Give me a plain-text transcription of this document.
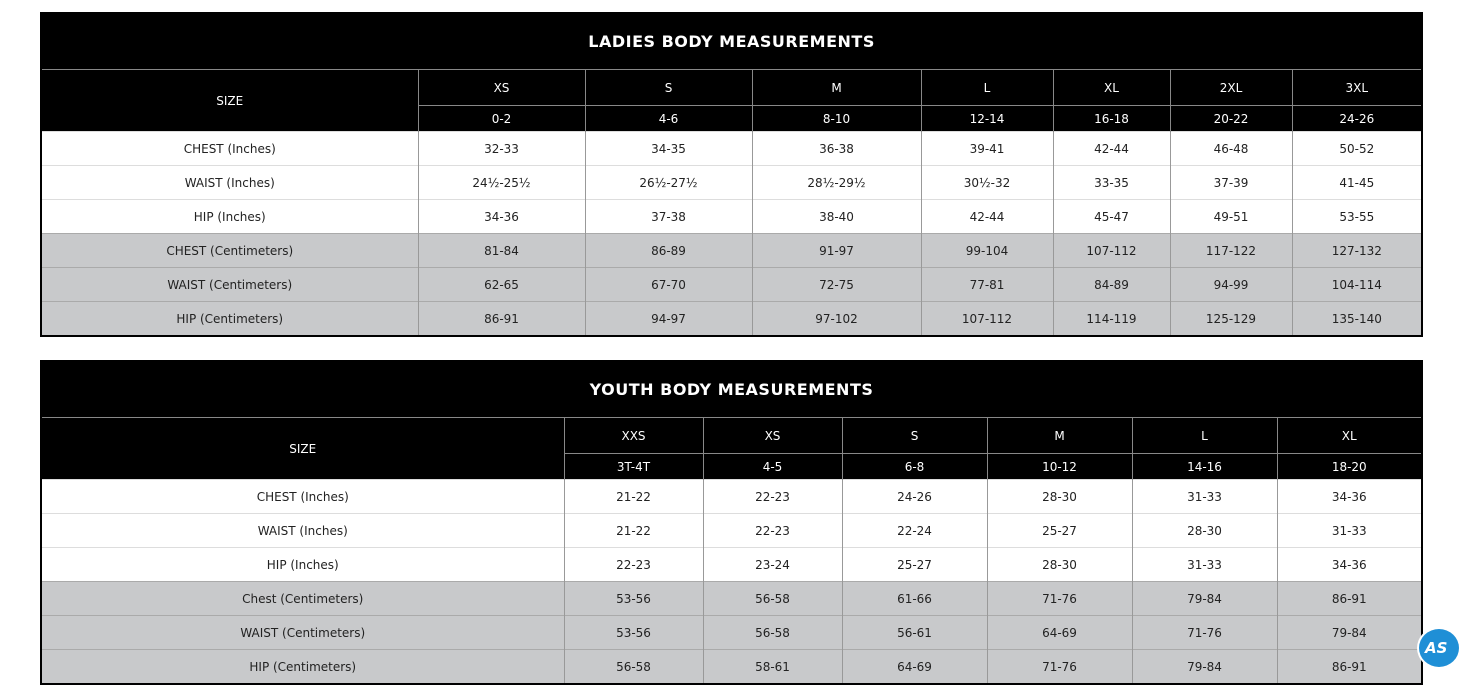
LADIES BODY MEASUREMENTS							
SIZE	XS	S	M	L	XL	2XL	3XL
	0-2	4-6	8-10	12-14	16-18	20-22	24-26
CHEST (Inches)	32-33	34-35	36-38	39-41	42-44	46-48	50-52
WAIST (Inches)	24½-25½	26½-27½	28½-29½	30½-32	33-35	37-39	41-45
HIP (Inches)	34-36	37-38	38-40	42-44	45-47	49-51	53-55
CHEST (Centimeters)	81-84	86-89	91-97	99-104	107-112	117-122	127-132
WAIST (Centimeters)	62-65	67-70	72-75	77-81	84-89	94-99	104-114
HIP (Centimeters)	86-91	94-97	97-102	107-112	114-119	125-129	135-140
YOUTH BODY MEASUREMENTS						
SIZE	XXS	XS	S	M	L	XL
	3T-4T	4-5	6-8	10-12	14-16	18-20
CHEST (Inches)	21-22	22-23	24-26	28-30	31-33	34-36
WAIST (Inches)	21-22	22-23	22-24	25-27	28-30	31-33
HIP (Inches)	22-23	23-24	25-27	28-30	31-33	34-36
Chest (Centimeters)	53-56	56-58	61-66	71-76	79-84	86-91
WAIST (Centimeters)	53-56	56-58	56-61	64-69	71-76	79-84
HIP (Centimeters)	56-58	58-61	64-69	71-76	79-84	86-91
AS
